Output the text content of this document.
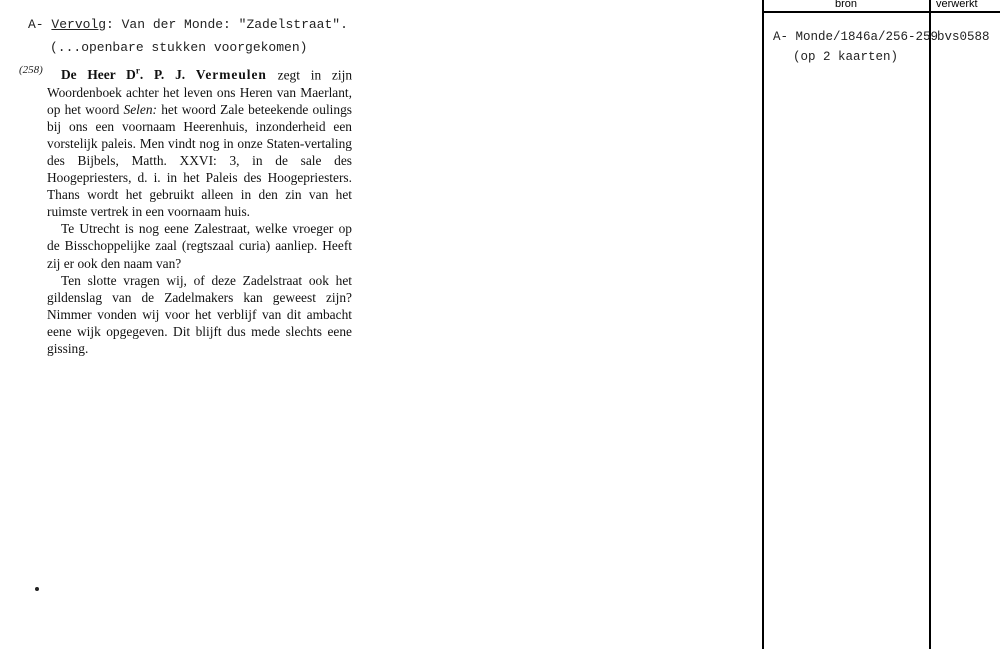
A- Vervolg: Van der Monde: "Zadelstraat".
(...openbare stukken voorgekomen)
(258)	De Heer $D^r$. P. J. Vermeulen zegt in zijn Woordenboek achter het leven ons Heren van Maerlant, op het woord Selen: het woord Zale beteekende oulings bij ons een voornaam Heerenhuis, inzonderheid een vorstelijk paleis. Men vindt nog in onze Staten-vertaling des Bijbels, Matth. XXVI: 3, in de sale des Hoogepriesters, d. i. in het Paleis des Hoogepriesters. Thans wordt het gebruikt alleen in den zin van het ruimste vertrek in een voornaam huis.

Te Utrecht is nog eene Zalestraat, welke vroeger op de Bisschoppelijke zaal (regtszaal curia) aanliep. Heeft zij er ook den naam van?

Ten slotte vragen wij, of deze Zadelstraat ook het gildenslag van de Zadelmakers kan geweest zijn? Nimmer vonden wij voor het verblijf van dit ambacht eene wijk opgegeven. Dit blijft dus mede slechts eene gissing.

bron	verwerkt
A- Monde/1846a/256-259
(op 2 kaarten)
bvs0588
